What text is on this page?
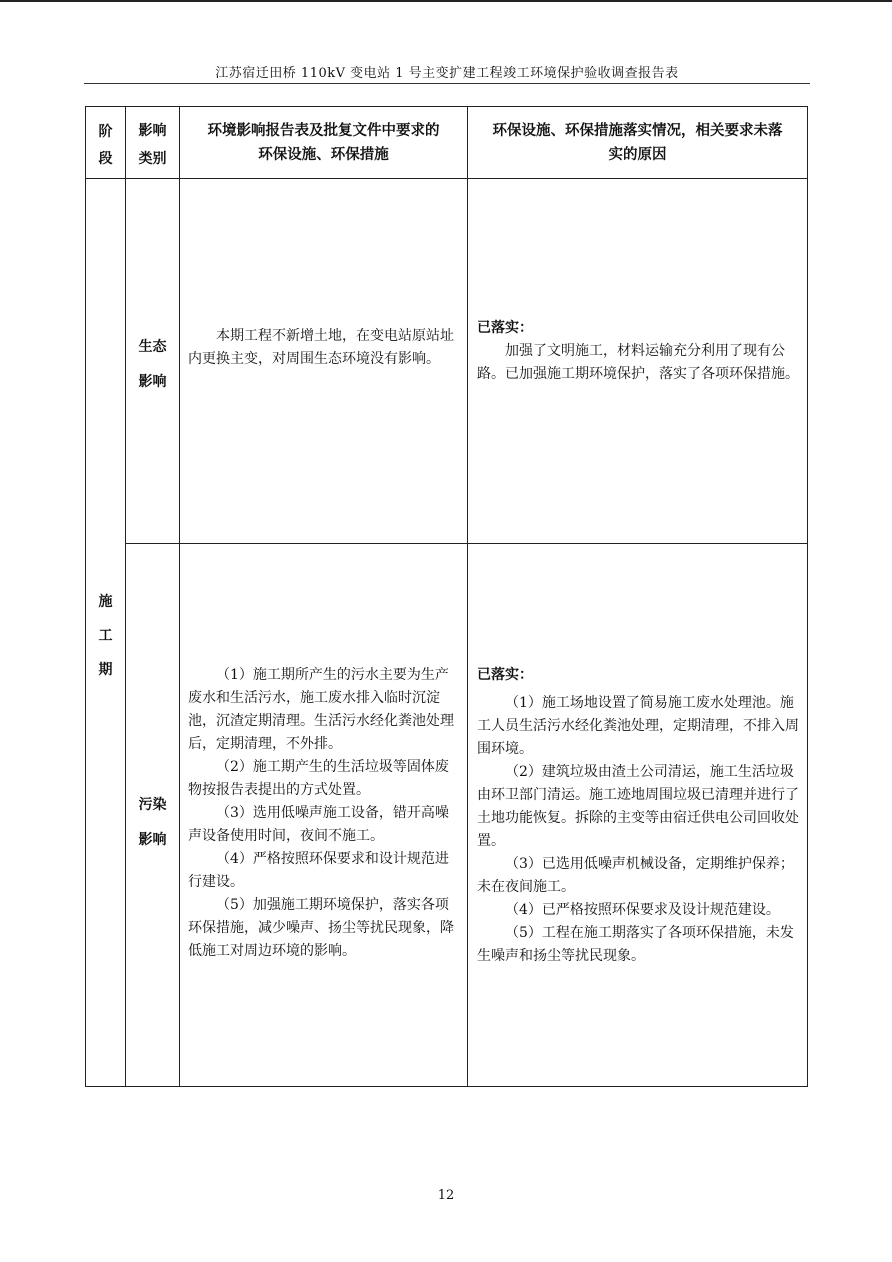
江苏宿迁田桥 110kV 变电站 1 号主变扩建工程竣工环境保护验收调查报告表
阶
段
影响
类别
环境影响报告表及批复文件中要求的
环保设施、环保措施
环保设施、环保措施落实情况，相关要求未落
实的原因
施
工
期
生态
影响

本期工程不新增土地，在变电站原站址内更换主变，对周围生态环境没有影响。

已落实：

加强了文明施工，材料运输充分利用了现有公路。已加强施工期环境保护，落实了各项环保措施。

污染
影响

（1）施工期所产生的污水主要为生产废水和生活污水，施工废水排入临时沉淀池，沉渣定期清理。生活污水经化粪池处理后，定期清理，不外排。

（2）施工期产生的生活垃圾等固体废物按报告表提出的方式处置。

（3）选用低噪声施工设备，错开高噪声设备使用时间，夜间不施工。

（4）严格按照环保要求和设计规范进行建设。

（5）加强施工期环境保护，落实各项环保措施，减少噪声、扬尘等扰民现象，降低施工对周边环境的影响。

已落实：

（1）施工场地设置了简易施工废水处理池。施工人员生活污水经化粪池处理，定期清理，不排入周围环境。

（2）建筑垃圾由渣土公司清运，施工生活垃圾由环卫部门清运。施工迹地周围垃圾已清理并进行了土地功能恢复。拆除的主变等由宿迁供电公司回收处置。

（3）已选用低噪声机械设备，定期维护保养；未在夜间施工。

（4）已严格按照环保要求及设计规范建设。

（5）工程在施工期落实了各项环保措施，未发生噪声和扬尘等扰民现象。

12
